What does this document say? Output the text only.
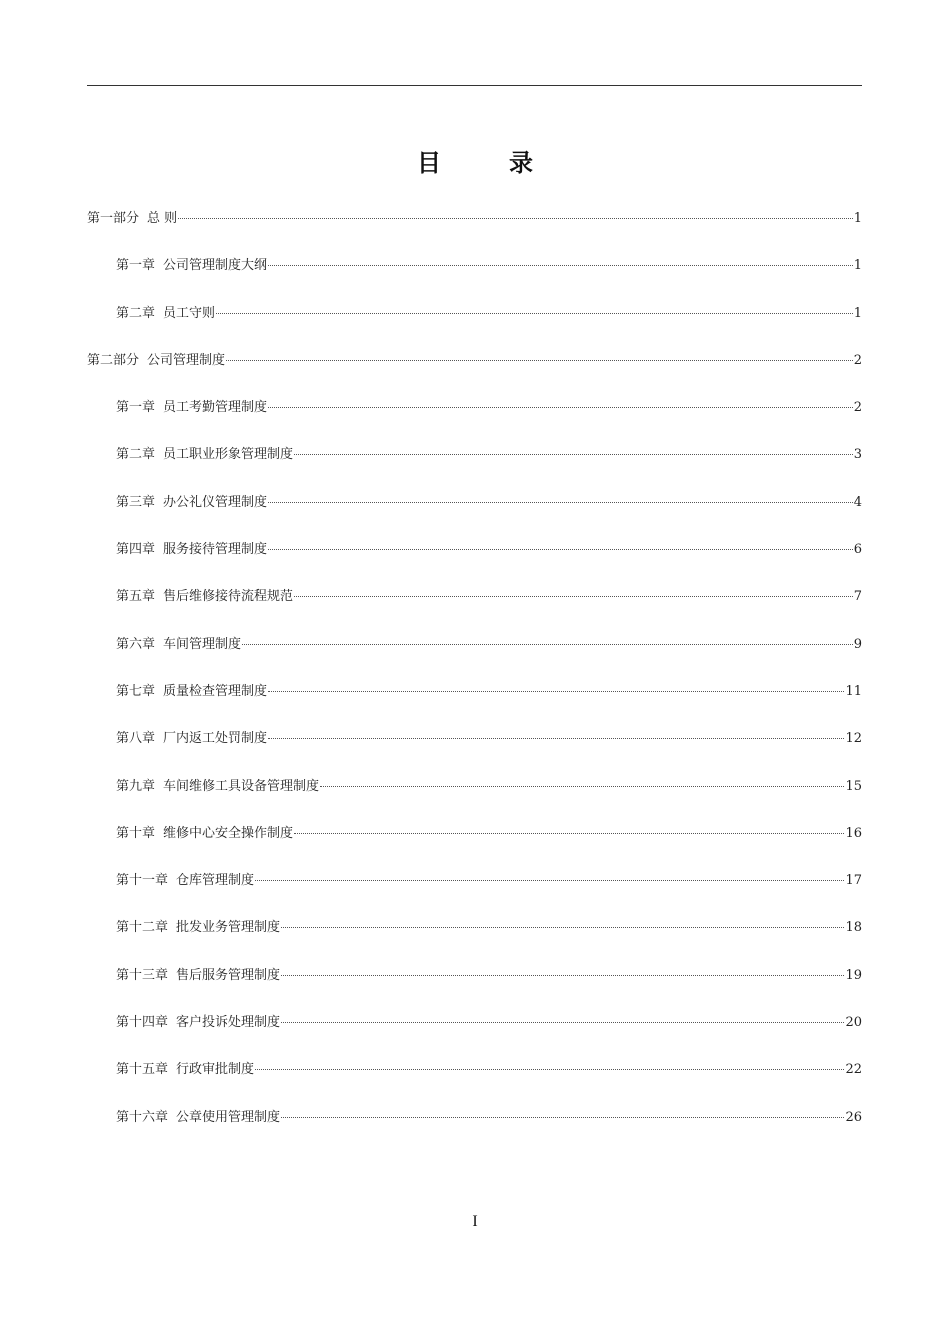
目　录
第一部分 总 则	1
第一章 公司管理制度大纲	1
第二章 员工守则	1
第二部分 公司管理制度	2
第一章 员工考勤管理制度	2
第二章 员工职业形象管理制度	3
第三章 办公礼仪管理制度	4
第四章 服务接待管理制度	6
第五章 售后维修接待流程规范	7
第六章 车间管理制度	9
第七章 质量检查管理制度	11
第八章 厂内返工处罚制度	12
第九章 车间维修工具设备管理制度	15
第十章 维修中心安全操作制度	16
第十一章 仓库管理制度	17
第十二章 批发业务管理制度	18
第十三章 售后服务管理制度	19
第十四章 客户投诉处理制度	20
第十五章 行政审批制度	22
第十六章 公章使用管理制度	26
I
